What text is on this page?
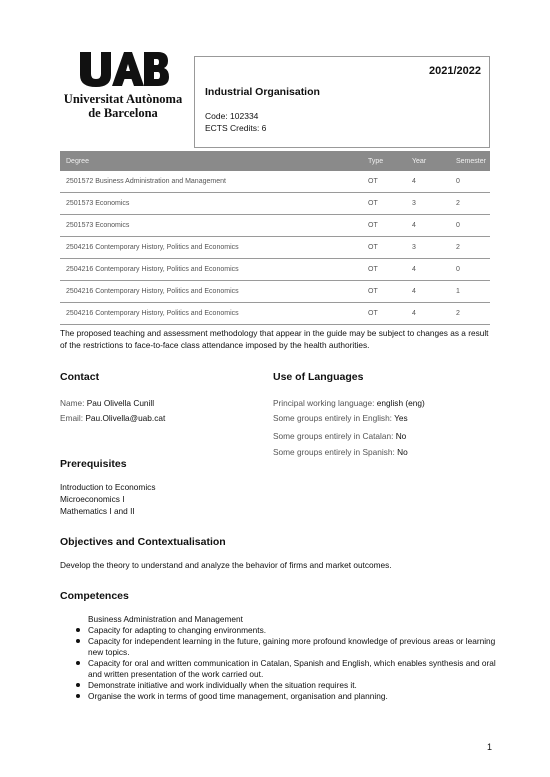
Universitat Autònoma
de Barcelona
2021/2022
Industrial Organisation
Code: 102334
ECTS Credits: 6
Degree	Type	Year	Semester
2501572 Business Administration and Management	OT	4	0
2501573 Economics	OT	3	2
2501573 Economics	OT	4	0
2504216 Contemporary History, Politics and Economics	OT	3	2
2504216 Contemporary History, Politics and Economics	OT	4	0
2504216 Contemporary History, Politics and Economics	OT	4	1
2504216 Contemporary History, Politics and Economics	OT	4	2
The proposed teaching and assessment methodology that appear in the guide may be subject to changes as a result of the restrictions to face-to-face class attendance imposed by the health authorities.
Contact
Name: Pau Olivella Cunill
Email: Pau.Olivella@uab.cat
Use of Languages
Principal working language: english (eng)
Some groups entirely in English: Yes
Some groups entirely in Catalan: No
Some groups entirely in Spanish: No
Prerequisites
Introduction to Economics
Microeconomics I
Mathematics I and II
Objectives and Contextualisation
Develop the theory to understand and analyze the behavior of firms and market outcomes.
Competences
Business Administration and Management
Capacity for adapting to changing environments.
Capacity for independent learning in the future, gaining more profound knowledge of previous areas or learning new topics.
Capacity for oral and written communication in Catalan, Spanish and English, which enables synthesis and oral and written presentation of the work carried out.
Demonstrate initiative and work individually when the situation requires it.
Organise the work in terms of good time management, organisation and planning.
1
